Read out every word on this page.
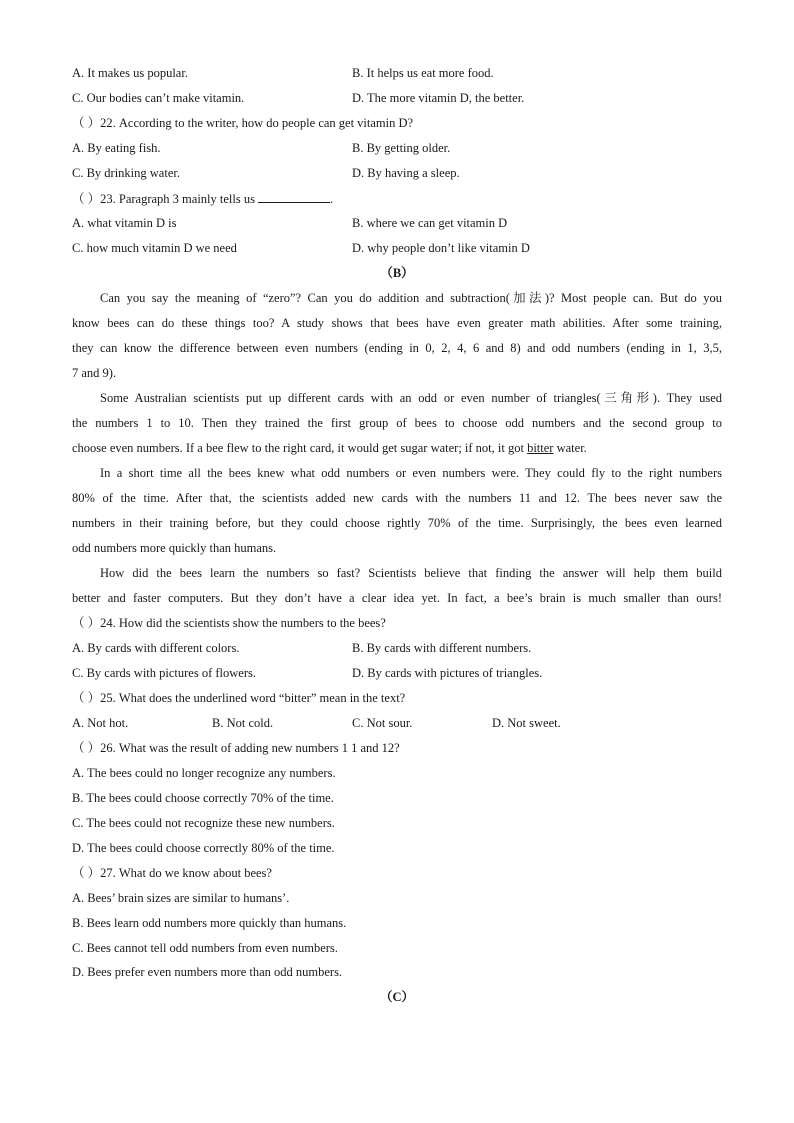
A. It makes us popular.	B. It helps us eat more food.
C. Our bodies can’t make vitamin.	D. The more vitamin D, the better.
（ ）22. According to the writer, how do people can get vitamin D?
A. By eating fish.	B. By getting older.
C. By drinking water.	D. By having a sleep.
（ ）23. Paragraph 3 mainly tells us	.
A. what vitamin D is	B. where we can get vitamin D
C. how much vitamin D we need	D. why people don’t like vitamin D
（B）
Can you say the meaning of “zero”? Can you do addition and subtraction(加法)? Most people can. But do you
know bees can do these things too? A study shows that bees have even greater math abilities. After some training,
they can know the difference between even numbers (ending in 0, 2, 4, 6 and 8) and odd numbers (ending in 1, 3,5,
7 and 9).
Some Australian scientists put up different cards with an odd or even number of triangles(三角形). They used
the numbers 1 to 10. Then they trained the first group of bees to choose odd numbers and the second group to
choose even numbers. If a bee flew to the right card, it would get sugar water; if not, it got bitter water.
In a short time all the bees knew what odd numbers or even numbers were. They could fly to the right numbers
80% of the time. After that, the scientists added new cards with the numbers 11 and 12. The bees never saw the
numbers in their training before, but they could choose rightly 70% of the time. Surprisingly, the bees even learned
odd numbers more quickly than humans.
How did the bees learn the numbers so fast? Scientists believe that finding the answer will help them build
better and faster computers. But they don’t have a clear idea yet. In fact, a bee’s brain is much smaller than ours!
（ ）24. How did the scientists show the numbers to the bees?
A. By cards with different colors.	B. By cards with different numbers.
C. By cards with pictures of flowers.	D. By cards with pictures of triangles.
（ ）25. What does the underlined word “bitter” mean in the text?
A. Not hot.	B. Not cold.	C. Not sour.	D. Not sweet.
（ ）26. What was the result of adding new numbers 1 1 and 12?
A. The bees could no longer recognize any numbers.
B. The bees could choose correctly 70% of the time.
C. The bees could not recognize these new numbers.
D. The bees could choose correctly 80% of the time.
（ ）27. What do we know about bees?
A. Bees’ brain sizes are similar to humans’.
B. Bees learn odd numbers more quickly than humans.
C. Bees cannot tell odd numbers from even numbers.
D. Bees prefer even numbers more than odd numbers.
（C）
